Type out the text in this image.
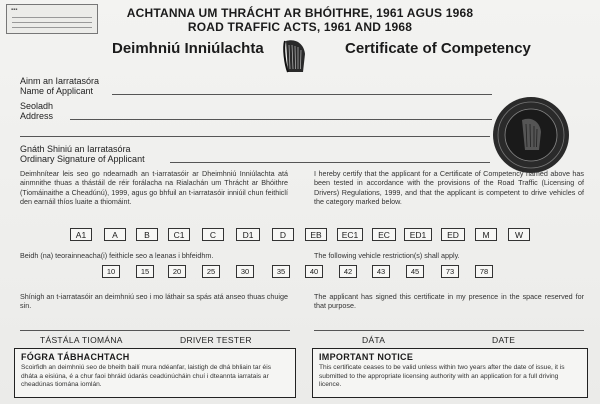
▪▪▪	ACHTANNA UM THRÁCHT AR BHÓITHRE, 1961 AGUS 1968
ROAD TRAFFIC ACTS, 1961 AND 1968
Deimhniú Inniúlachta	Certificate of Competency
Ainm an Iarratasóra
Name of Applicant
Seoladh
Address
Gnáth Shiniú an Iarratasóra
Ordinary Signature of Applicant
Deimhnítear leis seo go ndearnadh an t-iarratasóir ar Dheimhniú Inniúlachta atá ainmnithe thuas a thástáil de réir forálacha na Rialachán um Thrácht ar Bhóithre (Tiomáinaithe a Cheadúnú), 1999, agus go bhfuil an t-iarratasóir inniúil chun feithiclí den earnáil thíos luaite a thiomáint.
I hereby certify that the applicant for a Certificate of Competency named above has been tested in accordance with the provisions of the Road Traffic (Licensing of Drivers) Regulations, 1999, and that the applicant is competent to drive vehicles of the category marked below.
A1	A	B	C1	C	D1	D	EB	EC1	EC	ED1	ED	M	W
Beidh (na) teorainneacha(i) feithicle seo a leanas i bhfeidhm.	The following vehicle restriction(s) shall apply.
10	15	20	25	30	35	40	42	43	45	73	78
Shínigh an t-iarratasóir an deimhniú seo i mo láthair sa spás atá anseo thuas chuige sin.
The applicant has signed this certificate in my presence in the space reserved for that purpose.
TÁSTÁLA TIOMÁNA	DRIVER TESTER	DÁTA	DATE
FÓGRA TÁBHACHTACH
Scoirfidh an deimhniú seo de bheith bailí mura ndéanfar, laistigh de dhá bhliain tar éis dháta a eisiúna, é a chur faoi bhráid údarás ceadúnúcháin chuí i dteannta iarratais ar cheadúnas tiomána iomlán.
IMPORTANT NOTICE
This certificate ceases to be valid unless within two years after the date of issue, it is submitted to the appropriate licensing authority with an application for a full driving licence.
